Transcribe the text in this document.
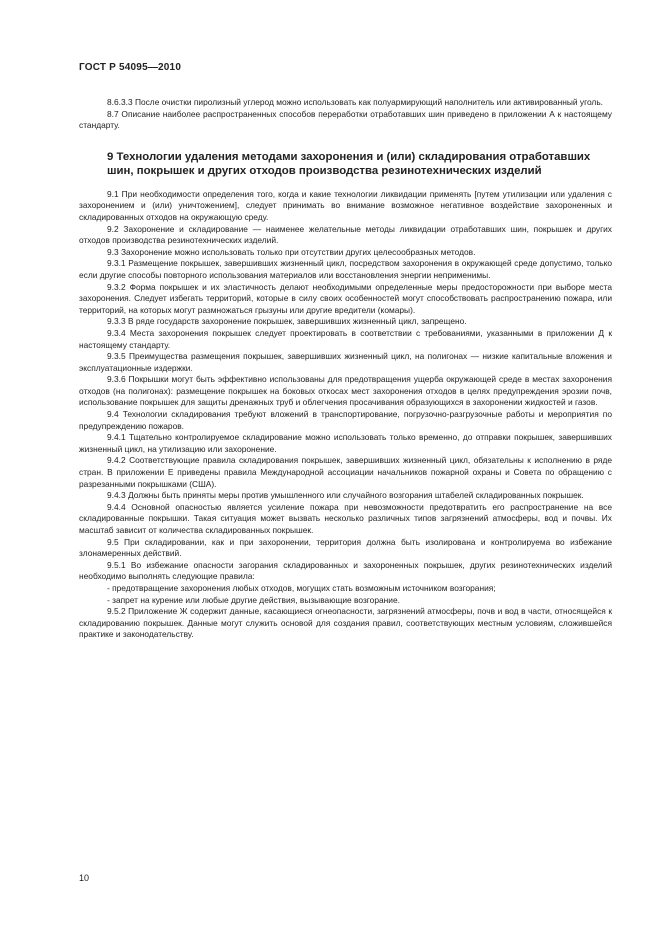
ГОСТ Р 54095—2010

8.6.3.3 После очистки пиролизный углерод можно использовать как полуармирующий наполнитель или активированный уголь.

8.7 Описание наиболее распространенных способов переработки отработавших шин приведено в приложении А к настоящему стандарту.

9 Технологии удаления методами захоронения и (или) складирования отработавших шин, покрышек и других отходов производства резинотехнических изделий

9.1 При необходимости определения того, когда и какие технологии ликвидации применять [путем утилизации или удаления с захоронением и (или) уничтожением], следует принимать во внимание возможное негативное воздействие захороненных и складированных отходов на окружающую среду.

9.2 Захоронение и складирование — наименее желательные методы ликвидации отработавших шин, покрышек и других отходов производства резинотехнических изделий.

9.3 Захоронение можно использовать только при отсутствии других целесообразных методов.

9.3.1 Размещение покрышек, завершивших жизненный цикл, посредством захоронения в окружающей среде допустимо, только если другие способы повторного использования материалов или восстановления энергии неприменимы.

9.3.2 Форма покрышек и их эластичность делают необходимыми определенные меры предосторожности при выборе места захоронения. Следует избегать территорий, которые в силу своих особенностей могут способствовать распространению пожара, или территорий, на которых могут размножаться грызуны или другие вредители (комары).

9.3.3 В ряде государств захоронение покрышек, завершивших жизненный цикл, запрещено.

9.3.4 Места захоронения покрышек следует проектировать в соответствии с требованиями, указанными в приложении Д к настоящему стандарту.

9.3.5 Преимущества размещения покрышек, завершивших жизненный цикл, на полигонах — низкие капитальные вложения и эксплуатационные издержки.

9.3.6 Покрышки могут быть эффективно использованы для предотвращения ущерба окружающей среде в местах захоронения отходов (на полигонах): размещение покрышек на боковых откосах мест захоронения отходов в целях предупреждения эрозии почв, использование покрышек для защиты дренажных труб и облегчения просачивания образующихся в захоронении жидкостей и газов.

9.4 Технологии складирования требуют вложений в транспортирование, погрузочно-разгрузочные работы и мероприятия по предупреждению пожаров.

9.4.1 Тщательно контролируемое складирование можно использовать только временно, до отправки покрышек, завершивших жизненный цикл, на утилизацию или захоронение.

9.4.2 Соответствующие правила складирования покрышек, завершивших жизненный цикл, обязательны к исполнению в ряде стран. В приложении Е приведены правила Международной ассоциации начальников пожарной охраны и Совета по обращению с разрезанными покрышками (США).

9.4.3 Должны быть приняты меры против умышленного или случайного возгорания штабелей складированных покрышек.

9.4.4 Основной опасностью является усиление пожара при невозможности предотвратить его распространение на все складированные покрышки. Такая ситуация может вызвать несколько различных типов загрязнений атмосферы, вод и почвы. Их масштаб зависит от количества складированных покрышек.

9.5 При складировании, как и при захоронении, территория должна быть изолирована и контролируема во избежание злонамеренных действий.

9.5.1 Во избежание опасности загорания складированных и захороненных покрышек, других резинотехнических изделий необходимо выполнять следующие правила:

- предотвращение захоронения любых отходов, могущих стать возможным источником возгорания;

- запрет на курение или любые другие действия, вызывающие возгорание.

9.5.2 Приложение Ж содержит данные, касающиеся огнеопасности, загрязнений атмосферы, почв и вод в части, относящейся к складированию покрышек. Данные могут служить основой для создания правил, соответствующих местным условиям, сложившейся практике и законодательству.

10
